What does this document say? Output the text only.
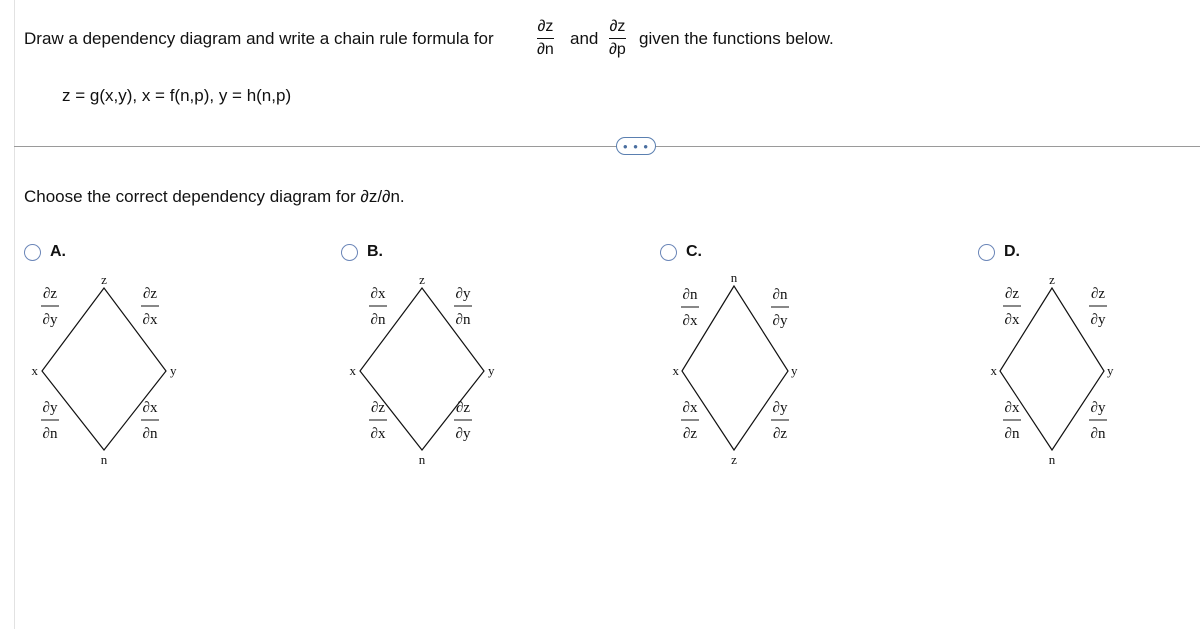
Draw a dependency diagram and write a chain rule formula for
∂z
∂n
and
∂z
∂p
given the functions below.
z = g(x,y), x = f(n,p), y = h(n,p)
• • •
Choose the correct dependency diagram for ∂z/∂n.
A.	B.	C.	D.
z
x	y
n
∂z
∂y
∂z
∂x
∂y
∂n
∂x
∂n
z
x	y
n
∂x
∂n
∂y
∂n
∂z
∂x
∂z
∂y
n
x	y
z
∂n
∂x
∂n
∂y
∂x
∂z
∂y
∂z
z
x	y
n
∂z
∂x
∂z
∂y
∂x
∂n
∂y
∂n
